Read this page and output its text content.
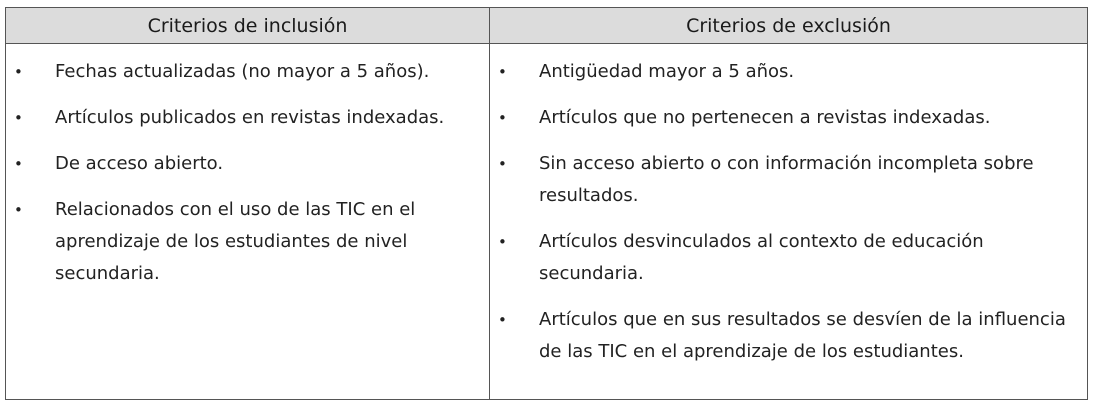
Criterios de inclusión	Criterios de exclusión
• Fechas actualizadas (no mayor a 5 años).
• Artículos publicados en revistas indexadas.
• De acceso abierto.
• Relacionados con el uso de las TIC en el aprendizaje de los estudiantes de nivel secundaria.
• Antigüedad mayor a 5 años.
• Artículos que no pertenecen a revistas indexadas.
• Sin acceso abierto o con información incompleta sobre resultados.
• Artículos desvinculados al contexto de educación secundaria.
• Artículos que en sus resultados se desvíen de la influencia de las TIC en el aprendizaje de los estudiantes.
